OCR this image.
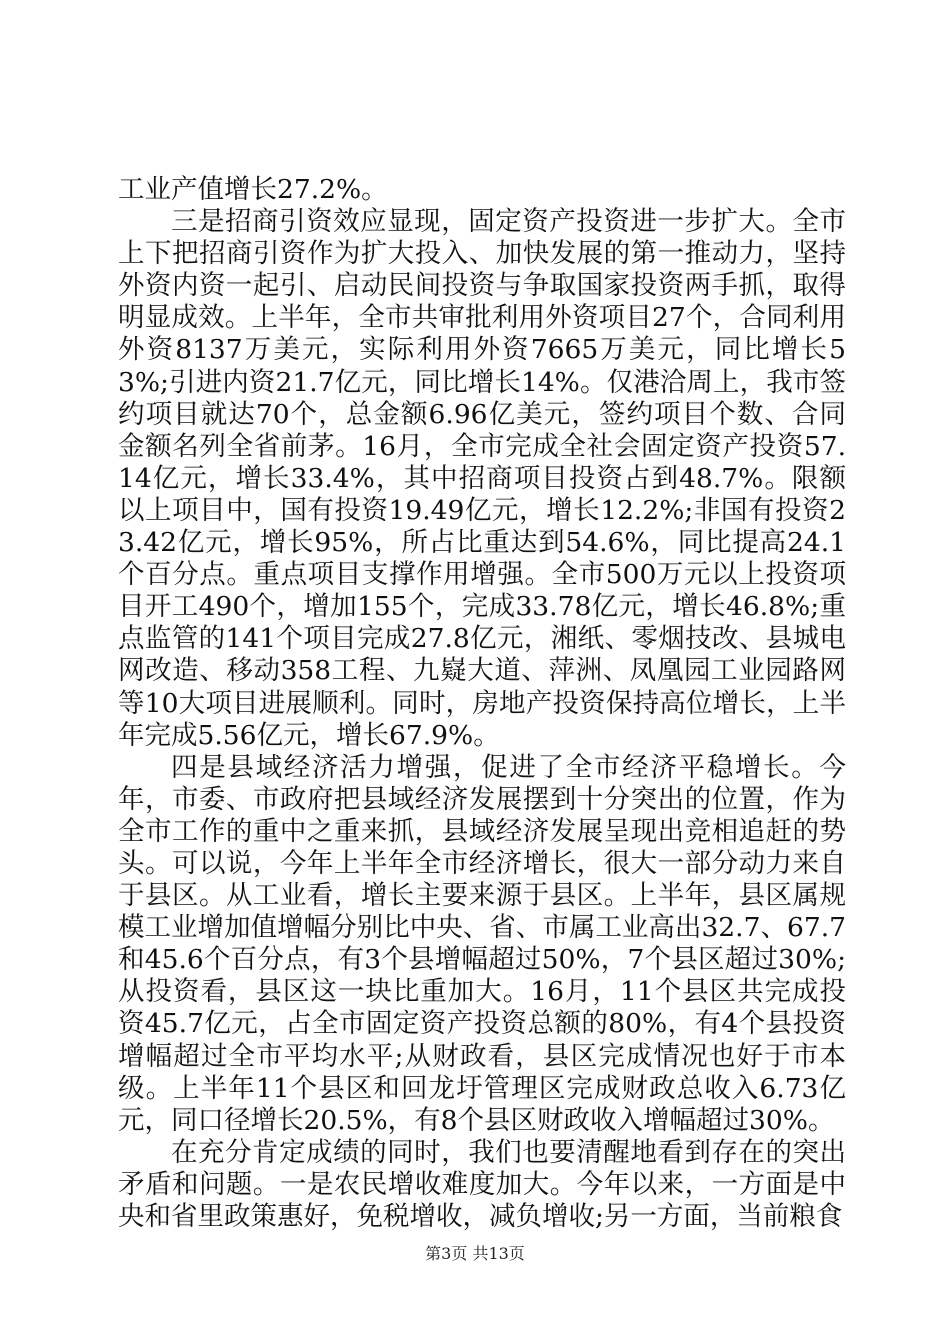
工业产值增长27.2%。

三是招商引资效应显现，固定资产投资进一步扩大。全市上下把招商引资作为扩大投入、加快发展的第一推动力，坚持外资内资一起引、启动民间投资与争取国家投资两手抓，取得明显成效。上半年，全市共审批利用外资项目27个，合同利用外资8137万美元，实际利用外资7665万美元，同比增长53%;引进内资21.7亿元，同比增长14%。仅港洽周上，我市签约项目就达70个，总金额6.96亿美元，签约项目个数、合同金额名列全省前茅。16月，全市完成全社会固定资产投资57.14亿元，增长33.4%，其中招商项目投资占到48.7%。限额以上项目中，国有投资19.49亿元，增长12.2%;非国有投资23.42亿元，增长95%，所占比重达到54.6%，同比提高24.1个百分点。重点项目支撑作用增强。全市500万元以上投资项目开工490个，增加155个，完成33.78亿元，增长46.8%;重点监管的141个项目完成27.8亿元，湘纸、零烟技改、县城电网改造、移动358工程、九嶷大道、萍洲、凤凰园工业园路网等10大项目进展顺利。同时，房地产投资保持高位增长，上半年完成5.56亿元，增长67.9%。

四是县域经济活力增强，促进了全市经济平稳增长。今年，市委、市政府把县域经济发展摆到十分突出的位置，作为全市工作的重中之重来抓，县域经济发展呈现出竞相追赶的势头。可以说，今年上半年全市经济增长，很大一部分动力来自于县区。从工业看，增长主要来源于县区。上半年，县区属规模工业增加值增幅分别比中央、省、市属工业高出32.7、67.7和45.6个百分点，有3个县增幅超过50%，7个县区超过30%;从投资看，县区这一块比重加大。16月，11个县区共完成投资45.7亿元，占全市固定资产投资总额的80%，有4个县投资增幅超过全市平均水平;从财政看，县区完成情况也好于市本级。上半年11个县区和回龙圩管理区完成财政总收入6.73亿元，同口径增长20.5%，有8个县区财政收入增幅超过30%。

在充分肯定成绩的同时，我们也要清醒地看到存在的突出矛盾和问题。一是农民增收难度加大。今年以来，一方面是中央和省里政策惠好，免税增收，减负增收;另一方面，当前粮食

第3页 共13页
